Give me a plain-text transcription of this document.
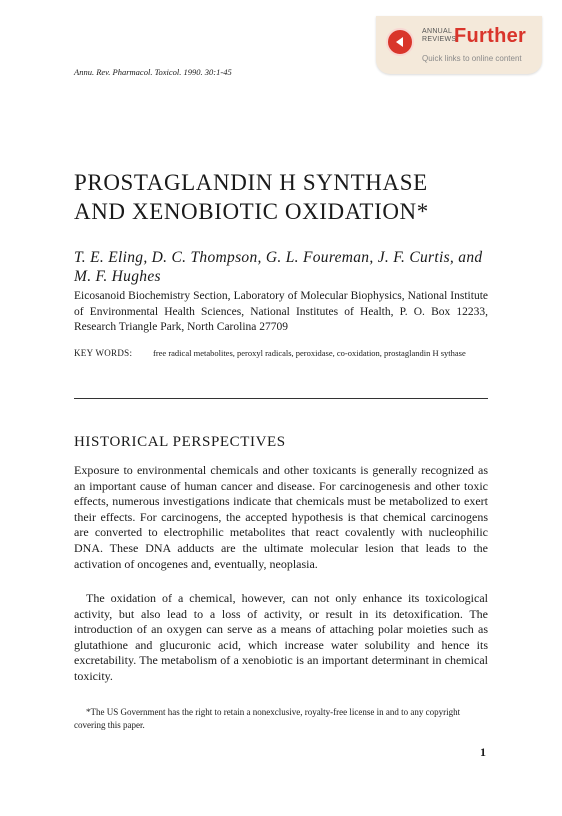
ANNUAL
REVIEWS
Further
Quick links to online content
Annu. Rev. Pharmacol. Toxicol. 1990. 30:1-45
PROSTAGLANDIN H SYNTHASE
AND XENOBIOTIC OXIDATION*

T. E. Eling, D. C. Thompson, G. L. Foureman, J. F. Curtis, and M. F. Hughes

Eicosanoid Biochemistry Section, Laboratory of Molecular Biophysics, National Institute of Environmental Health Sciences, National Institutes of Health, P. O. Box 12233, Research Triangle Park, North Carolina 27709

KEY WORDS: free radical metabolites, peroxyl radicals, peroxidase, co-oxidation, prostaglandin H sythase

HISTORICAL PERSPECTIVES

Exposure to environmental chemicals and other toxicants is generally recognized as an important cause of human cancer and disease. For carcinogenesis and other toxic effects, numerous investigations indicate that chemicals must be metabolized to exert their effects. For carcinogens, the accepted hypothesis is that chemical carcinogens are converted to electrophilic metabolites that react covalently with nucleophilic DNA. These DNA adducts are the ultimate molecular lesion that leads to the activation of oncogenes and, eventually, neoplasia.

The oxidation of a chemical, however, can not only enhance its toxicological activity, but also lead to a loss of activity, or result in its detoxification. The introduction of an oxygen can serve as a means of attaching polar moieties such as glutathione and glucuronic acid, which increase water solubility and hence its excretability. The metabolism of a xenobiotic is an important determinant in chemical toxicity.

*The US Government has the right to retain a nonexclusive, royalty-free license in and to any copyright covering this paper.

1
